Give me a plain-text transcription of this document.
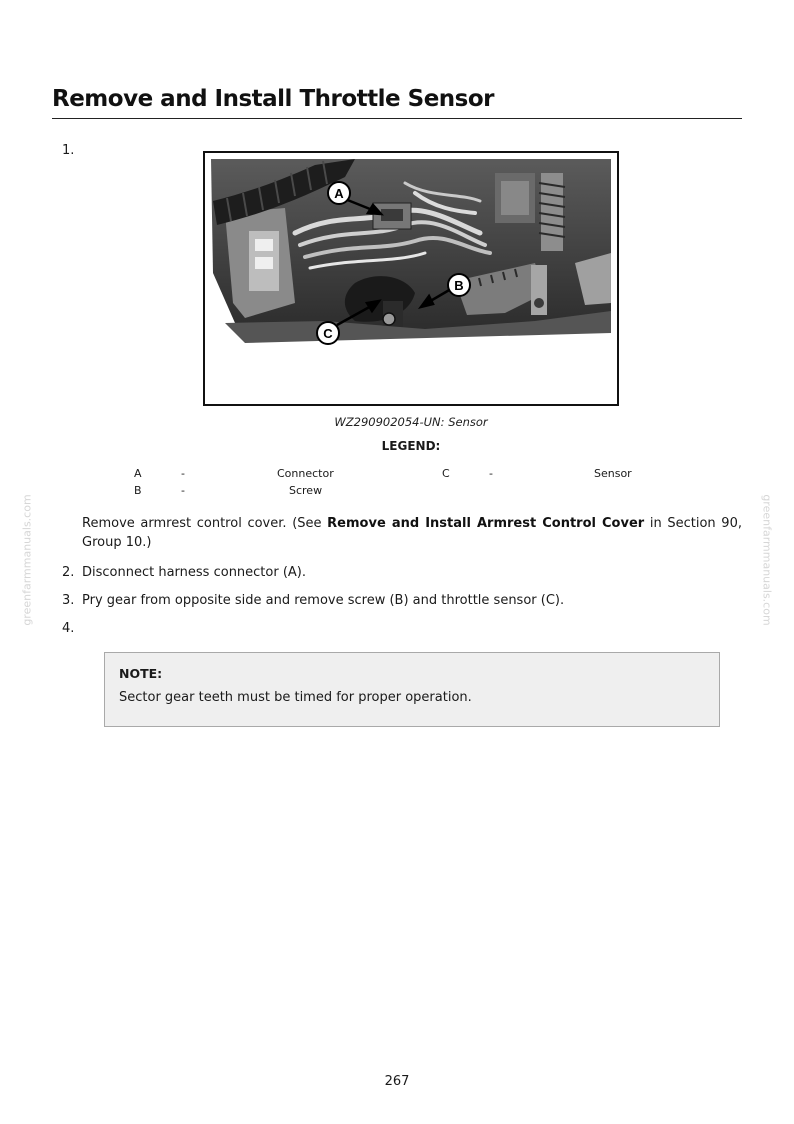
Remove and Install Throttle Sensor
1.
A
B
C
WZ290902054-UN: Sensor
LEGEND:
A	-	Connector
B	-	Screw
C	-	Sensor
greenfarmmanuals.com	greenfarmmanuals.com
Remove armrest control cover. (See Remove and Install Armrest Control Cover in Section 90, Group 10.)
2. Disconnect harness connector (A).
3. Pry gear from opposite side and remove screw (B) and throttle sensor (C).
4.
NOTE:
Sector gear teeth must be timed for proper operation.
267
